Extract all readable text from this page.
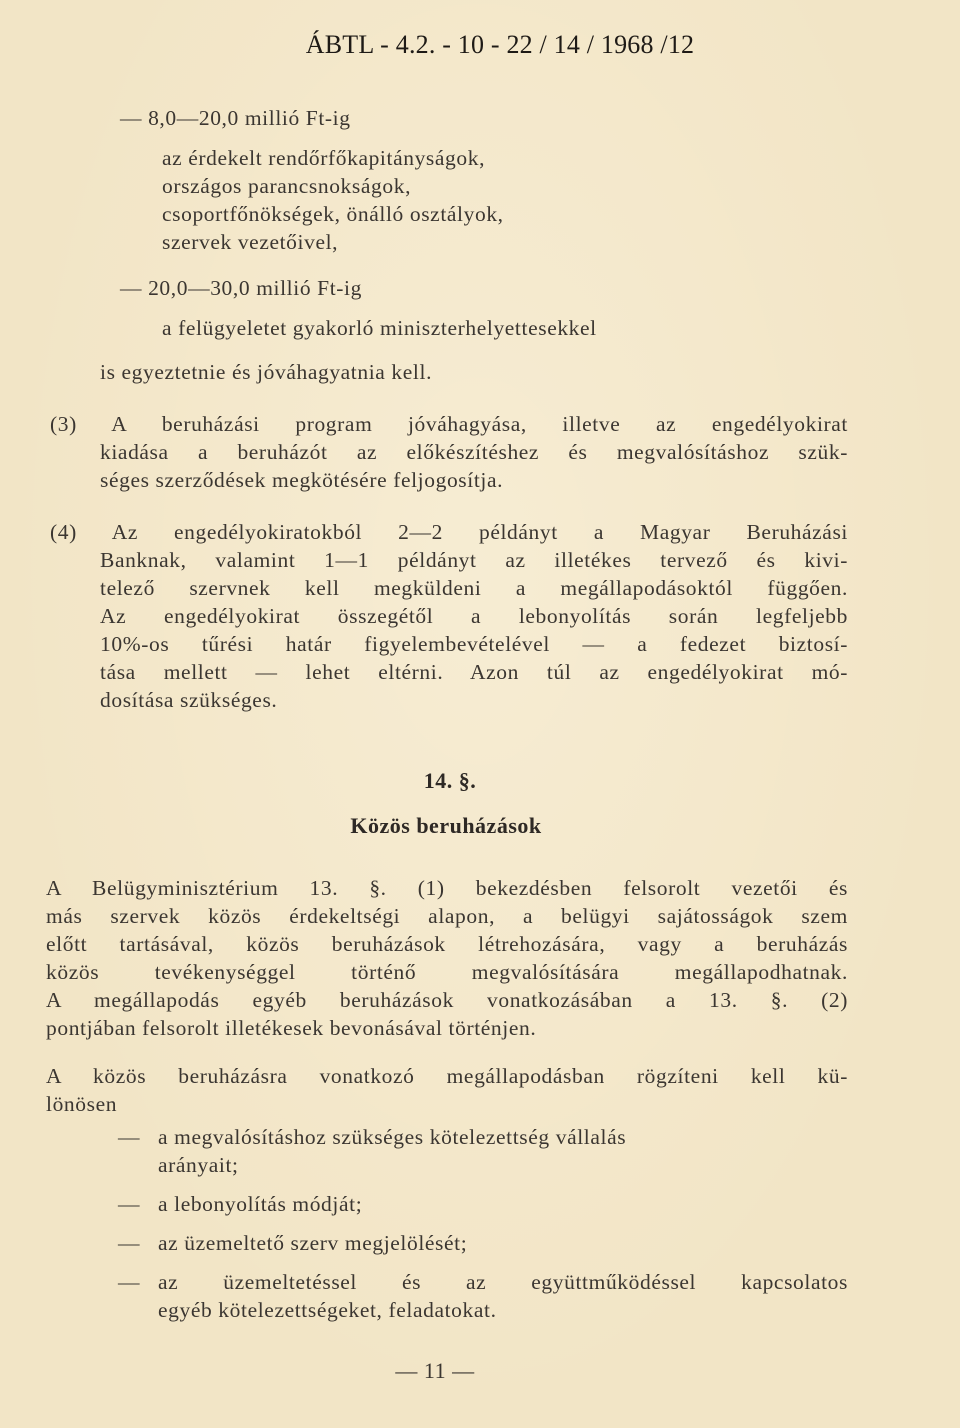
ÁBTL - 4.2. - 10 - 22 / 14 / 1968 /12
— 8,0—20,0 millió Ft-ig
az érdekelt rendőrfőkapitányságok,
országos parancsnokságok,
csoportfőnökségek, önálló osztályok,
szervek vezetőivel,
— 20,0—30,0 millió Ft-ig
a felügyeletet gyakorló miniszterhelyettesekkel
is egyeztetnie és jóváhagyatnia kell.
(3) A beruházási program jóváhagyása, illetve az engedélyokirat
kiadása a beruházót az előkészítéshez és megvalósításhoz szük-
séges szerződések megkötésére feljogosítja.
(4) Az engedélyokiratokból 2—2 példányt a Magyar Beruházási
Banknak, valamint 1—1 példányt az illetékes tervező és kivi-
telező szervnek kell megküldeni a megállapodásoktól függően.
Az engedélyokirat összegétől a lebonyolítás során legfeljebb
10%-os tűrési határ figyelembevételével — a fedezet biztosí-
tása mellett — lehet eltérni. Azon túl az engedélyokirat mó-
dosítása szükséges.
14. §.
Közös beruházások
A Belügyminisztérium 13. §. (1) bekezdésben felsorolt vezetői és
más szervek közös érdekeltségi alapon, a belügyi sajátosságok szem
előtt tartásával, közös beruházások létrehozására, vagy a beruházás
közös tevékenységgel történő megvalósítására megállapodhatnak.
A megállapodás egyéb beruházások vonatkozásában a 13. §. (2)
pontjában felsorolt illetékesek bevonásával történjen.
A közös beruházásra vonatkozó megállapodásban rögzíteni kell kü-
lönösen
— a megvalósításhoz szükséges kötelezettség vállalás
arányait;
— a lebonyolítás módját;
— az üzemeltető szerv megjelölését;
— az üzemeltetéssel és az együttműködéssel kapcsolatos
egyéb kötelezettségeket, feladatokat.
— 11 —
